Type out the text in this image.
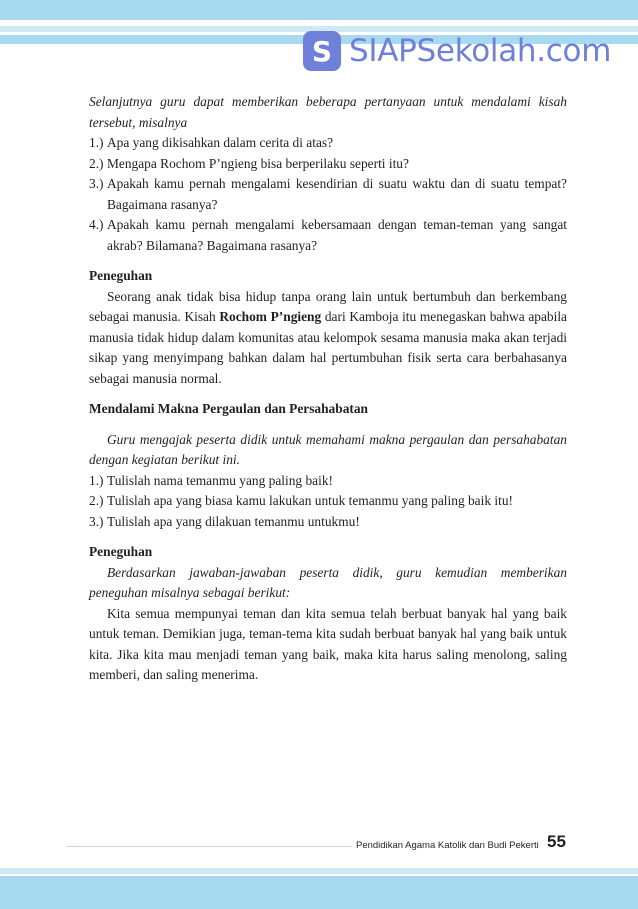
S SIAPSekolah.com

Selanjutnya guru dapat memberikan beberapa pertanyaan untuk mendalami kisah tersebut, misalnya

1.) Apa yang dikisahkan dalam cerita di atas?
2.) Mengapa Rochom P’ngieng bisa berperilaku seperti itu?
3.) Apakah kamu pernah mengalami kesendirian di suatu waktu dan di suatu tempat? Bagaimana rasanya?
4.) Apakah kamu pernah mengalami kebersamaan dengan teman-teman yang sangat akrab? Bilamana? Bagaimana rasanya?

Peneguhan

Seorang anak tidak bisa hidup tanpa orang lain untuk bertumbuh dan berkembang sebagai manusia. Kisah Rochom P’ngieng dari Kamboja itu menegaskan bahwa apabila manusia tidak hidup dalam komunitas atau kelompok sesama manusia maka akan terjadi sikap yang menyimpang bahkan dalam hal pertumbuhan fisik serta cara berbahasanya sebagai manusia normal.

Mendalami Makna Pergaulan dan Persahabatan

Guru mengajak peserta didik untuk memahami makna pergaulan dan persahabatan dengan kegiatan berikut ini.

1.) Tulislah nama temanmu yang paling baik!
2.) Tulislah apa yang biasa kamu lakukan untuk temanmu yang paling baik itu!
3.) Tulislah apa yang dilakuan temanmu untukmu!

Peneguhan

Berdasarkan jawaban-jawaban peserta didik, guru kemudian memberikan peneguhan misalnya sebagai berikut:

Kita semua mempunyai teman dan kita semua telah berbuat banyak hal yang baik untuk teman. Demikian juga, teman-tema kita sudah berbuat banyak hal yang baik untuk kita. Jika kita mau menjadi teman yang baik, maka kita harus saling menolong, saling memberi, dan saling menerima.

Pendidikan Agama Katolik dan Budi Pekerti 55
